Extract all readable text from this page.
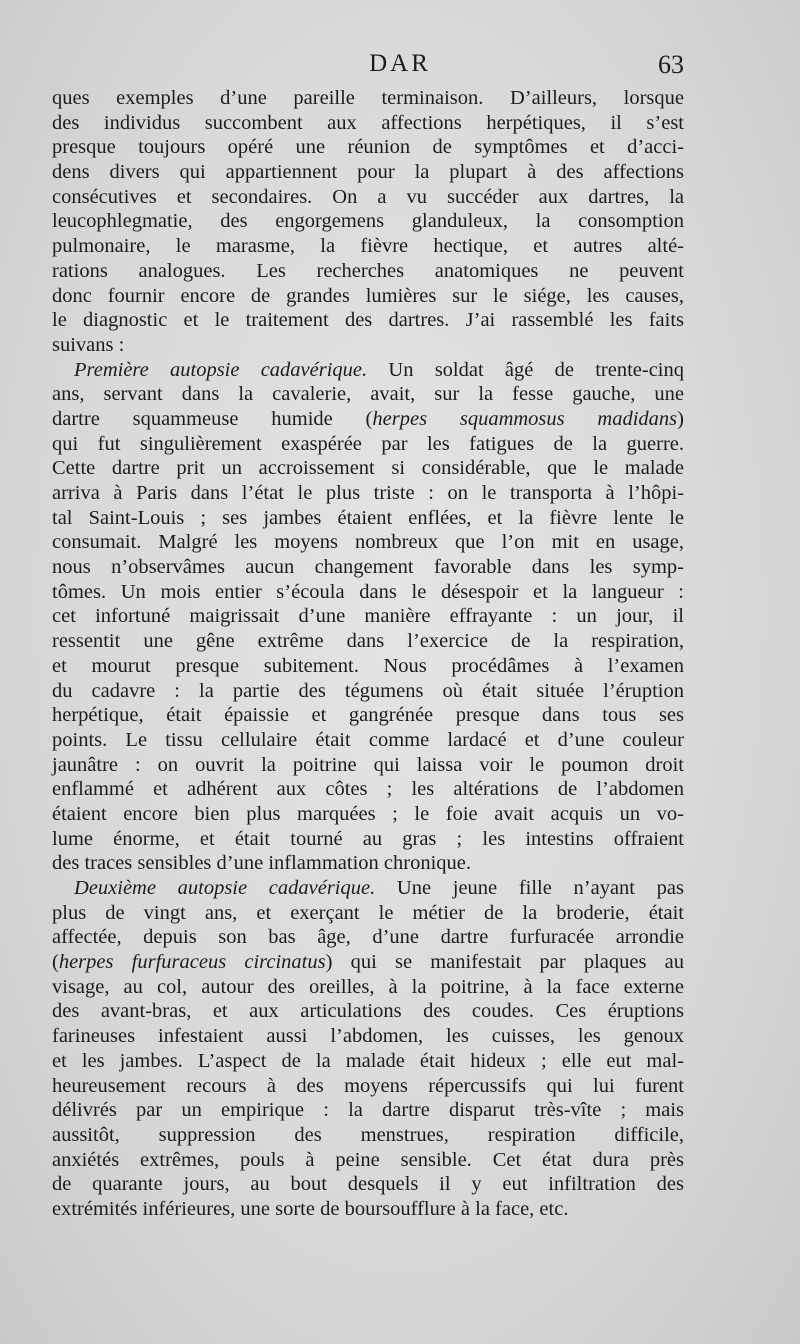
DAR	63
ques exemples d’une pareille terminaison. D’ailleurs, lorsque
des individus succombent aux affections herpétiques, il s’est
presque toujours opéré une réunion de symptômes et d’acci-
dens divers qui appartiennent pour la plupart à des affections
consécutives et secondaires. On a vu succéder aux dartres, la
leucophlegmatie, des engorgemens glanduleux, la consomption
pulmonaire, le marasme, la fièvre hectique, et autres alté-
rations analogues. Les recherches anatomiques ne peuvent
donc fournir encore de grandes lumières sur le siége, les causes,
le diagnostic et le traitement des dartres. J’ai rassemblé les faits
suivans :
Première autopsie cadavérique. Un soldat âgé de trente-cinq
ans, servant dans la cavalerie, avait, sur la fesse gauche, une
dartre squammeuse humide (herpes squammosus madidans)
qui fut singulièrement exaspérée par les fatigues de la guerre.
Cette dartre prit un accroissement si considérable, que le malade
arriva à Paris dans l’état le plus triste : on le transporta à l’hôpi-
tal Saint-Louis ; ses jambes étaient enflées, et la fièvre lente le
consumait. Malgré les moyens nombreux que l’on mit en usage,
nous n’observâmes aucun changement favorable dans les symp-
tômes. Un mois entier s’écoula dans le désespoir et la langueur :
cet infortuné maigrissait d’une manière effrayante : un jour, il
ressentit une gêne extrême dans l’exercice de la respiration,
et mourut presque subitement. Nous procédâmes à l’examen
du cadavre : la partie des tégumens où était située l’éruption
herpétique, était épaissie et gangrénée presque dans tous ses
points. Le tissu cellulaire était comme lardacé et d’une couleur
jaunâtre : on ouvrit la poitrine qui laissa voir le poumon droit
enflammé et adhérent aux côtes ; les altérations de l’abdomen
étaient encore bien plus marquées ; le foie avait acquis un vo-
lume énorme, et était tourné au gras ; les intestins offraient
des traces sensibles d’une inflammation chronique.
Deuxième autopsie cadavérique. Une jeune fille n’ayant pas
plus de vingt ans, et exerçant le métier de la broderie, était
affectée, depuis son bas âge, d’une dartre furfuracée arrondie
(herpes furfuraceus circinatus) qui se manifestait par plaques au
visage, au col, autour des oreilles, à la poitrine, à la face externe
des avant-bras, et aux articulations des coudes. Ces éruptions
farineuses infestaient aussi l’abdomen, les cuisses, les genoux
et les jambes. L’aspect de la malade était hideux ; elle eut mal-
heureusement recours à des moyens répercussifs qui lui furent
délivrés par un empirique : la dartre disparut très-vîte ; mais
aussitôt, suppression des menstrues, respiration difficile,
anxiétés extrêmes, pouls à peine sensible. Cet état dura près
de quarante jours, au bout desquels il y eut infiltration des
extrémités inférieures, une sorte de boursoufflure à la face, etc.
